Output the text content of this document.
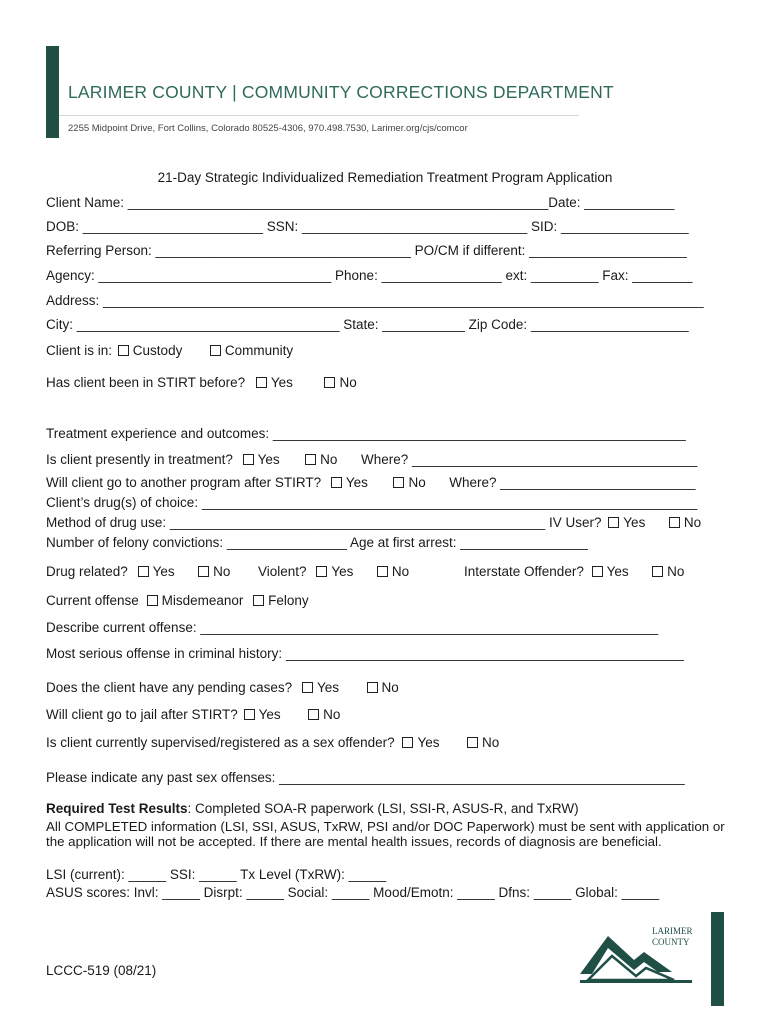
LARIMER COUNTY | COMMUNITY CORRECTIONS DEPARTMENT
2255 Midpoint Drive, Fort Collins, Colorado 80525-4306, 970.498.7530, Larimer.org/cjs/comcor
21-Day Strategic Individualized Remediation Treatment Program Application
Client Name: ________________________________________________________Date: ____________
DOB: ________________________ SSN: ______________________________ SID: _________________
Referring Person: __________________________________ PO/CM if different: _____________________
Agency: _______________________________ Phone: ________________ ext: _________ Fax: ________
Address: ________________________________________________________________________________
City: ___________________________________ State: ___________ Zip Code: _____________________
Client is in: Custody	Community
Has client been in STIRT before? Yes	No
Treatment experience and outcomes: _______________________________________________________
Is client presently in treatment? Yes	No Where? ______________________________________
Will client go to another program after STIRT? Yes	No Where? __________________________
Client’s drug(s) of choice: __________________________________________________________________
Method of drug use: __________________________________________________ IV User? Yes	No
Number of felony convictions: ________________ Age at first arrest: _________________
Drug related? Yes	No Violent? Yes	No	Interstate Offender? Yes	No
Current offense Misdemeanor Felony
Describe current offense: _____________________________________________________________
Most serious offense in criminal history: _____________________________________________________
Does the client have any pending cases? Yes	No
Will client go to jail after STIRT? Yes	No
Is client currently supervised/registered as a sex offender? Yes	No
Please indicate any past sex offenses: ______________________________________________________
Required Test Results: Completed SOA-R paperwork (LSI, SSI-R, ASUS-R, and TxRW)
All COMPLETED information (LSI, SSI, ASUS, TxRW, PSI and/or DOC Paperwork) must be sent with application or the application will not be accepted. If there are mental health issues, records of diagnosis are beneficial.
LSI (current): _____ SSI: _____ Tx Level (TxRW): _____
ASUS scores: Invl: _____ Disrpt: _____ Social: _____ Mood/Emotn: _____ Dfns: _____ Global: _____
LARIMER
COUNTY
LCCC-519 (08/21)
